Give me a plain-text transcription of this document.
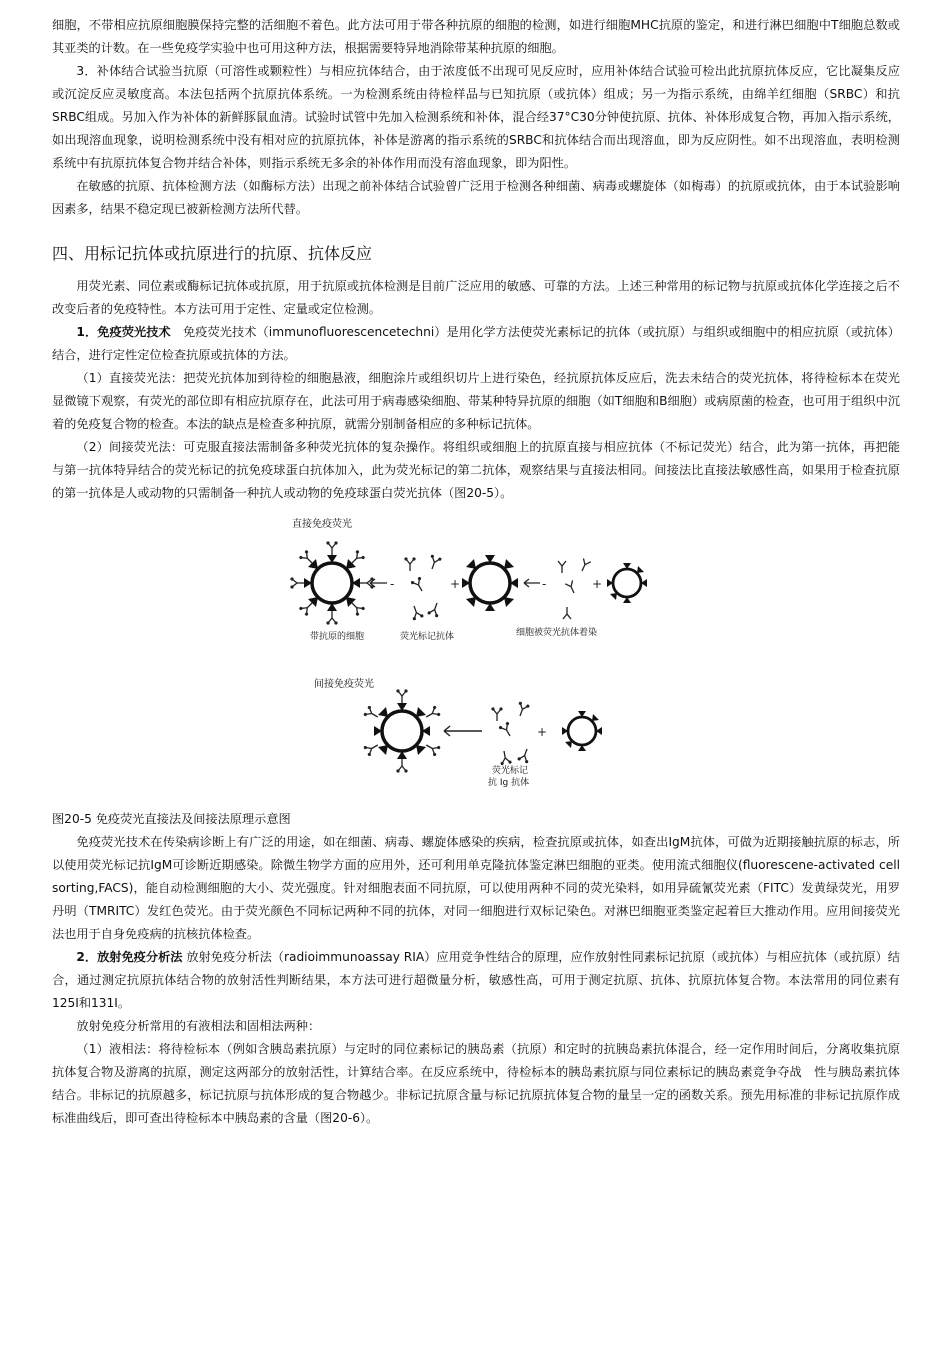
细胞，不带相应抗原细胞膜保持完整的活细胞不着色。此方法可用于带各种抗原的细胞的检测，如进行细胞MHC抗原的鉴定，和进行淋巴细胞中T细胞总数或其亚类的计数。在一些免疫学实验中也可用这种方法，根据需要特异地消除带某种抗原的细胞。

3．补体结合试验当抗原（可溶性或颗粒性）与相应抗体结合，由于浓度低不出现可见反应时，应用补体结合试验可检出此抗原抗体反应，它比凝集反应或沉淀反应灵敏度高。本法包括两个抗原抗体系统。一为检测系统由待检样品与已知抗原（或抗体）组成；另一为指示系统，由绵羊红细胞（SRBC）和抗SRBC组成。另加入作为补体的新鲜豚鼠血清。试验时试管中先加入检测系统和补体，混合经37°C30分钟使抗原、抗体、补体形成复合物，再加入指示系统，如出现溶血现象，说明检测系统中没有相对应的抗原抗体，补体是游离的指示系统的SRBC和抗体结合而出现溶血，即为反应阴性。如不出现溶血，表明检测系统中有抗原抗体复合物并结合补体，则指示系统无多余的补体作用而没有溶血现象，即为阳性。

在敏感的抗原、抗体检测方法（如酶标方法）出现之前补体结合试验曾广泛用于检测各种细菌、病毒或螺旋体（如梅毒）的抗原或抗体，由于本试验影响因素多，结果不稳定现已被新检测方法所代替。

四、用标记抗体或抗原进行的抗原、抗体反应

用荧光素、同位素或酶标记抗体或抗原，用于抗原或抗体检测是目前广泛应用的敏感、可靠的方法。上述三种常用的标记物与抗原或抗体化学连接之后不改变后者的免疫特性。本方法可用于定性、定量或定位检测。

1．免疫荧光技术　免疫荧光技术（immunofluorescencetechni）是用化学方法使荧光素标记的抗体（或抗原）与组织或细胞中的相应抗原（或抗体）结合，进行定性定位检查抗原或抗体的方法。

（1）直接荧光法：把荧光抗体加到待检的细胞悬液，细胞涂片或组织切片上进行染色，经抗原抗体反应后，洗去未结合的荧光抗体，将待检标本在荧光显微镜下观察，有荧光的部位即有相应抗原存在，此法可用于病毒感染细胞、带某种特异抗原的细胞（如T细胞和B细胞）或病原菌的检查，也可用于组织中沉着的免疫复合物的检查。本法的缺点是检查多种抗原，就需分别制备相应的多种标记抗体。

（2）间接荧光法：可克服直接法需制备多种荧光抗体的复杂操作。将组织或细胞上的抗原直接与相应抗体（不标记荧光）结合，此为第一抗体，再把能与第一抗体特异结合的荧光标记的抗免疫球蛋白抗体加入，此为荧光标记的第二抗体，观察结果与直接法相同。间接法比直接法敏感性高，如果用于检查抗原的第一抗体是人或动物的只需制备一种抗人或动物的免疫球蛋白荧光抗体（图20-5）。

直接免疫荧光
-	+	-	+
带抗原的细胞	荧光标记抗体	细胞被荧光抗体着染
间接免疫荧光
+
荧光标记
抗 Ig 抗体

图20-5 免疫荧光直接法及间接法原理示意图

免疫荧光技术在传染病诊断上有广泛的用途，如在细菌、病毒、螺旋体感染的疾病，检查抗原或抗体，如查出IgM抗体，可做为近期接触抗原的标志，所以使用荧光标记抗IgM可诊断近期感染。除微生物学方面的应用外，还可利用单克隆抗体鉴定淋巴细胞的亚类。使用流式细胞仪(fluorescene-activated cell sorting,FACS)，能自动检测细胞的大小、荧光强度。针对细胞表面不同抗原，可以使用两种不同的荧光染料，如用异硫氰荧光素（FITC）发黄绿荧光，用罗丹明（TMRITC）发红色荧光。由于荧光颜色不同标记两种不同的抗体，对同一细胞进行双标记染色。对淋巴细胞亚类鉴定起着巨大推动作用。应用间接荧光法也用于自身免疫病的抗核抗体检查。

2．放射免疫分析法 放射免疫分析法（radioimmunoassay RIA）应用竞争性结合的原理，应作放射性同素标记抗原（或抗体）与相应抗体（或抗原）结合，通过测定抗原抗体结合物的放射活性判断结果，本方法可进行超微量分析，敏感性高，可用于测定抗原、抗体、抗原抗体复合物。本法常用的同位素有125I和131I。

放射免疫分析常用的有液相法和固相法两种：

（1）液相法：将待检标本（例如含胰岛素抗原）与定时的同位素标记的胰岛素（抗原）和定时的抗胰岛素抗体混合，经一定作用时间后，分离收集抗原抗体复合物及游离的抗原，测定这两部分的放射活性，计算结合率。在反应系统中，待检标本的胰岛素抗原与同位素标记的胰岛素竞争夺战　性与胰岛素抗体结合。非标记的抗原越多，标记抗原与抗体形成的复合物越少。非标记抗原含量与标记抗原抗体复合物的量呈一定的函数关系。预先用标准的非标记抗原作成标准曲线后，即可查出待检标本中胰岛素的含量（图20-6）。
